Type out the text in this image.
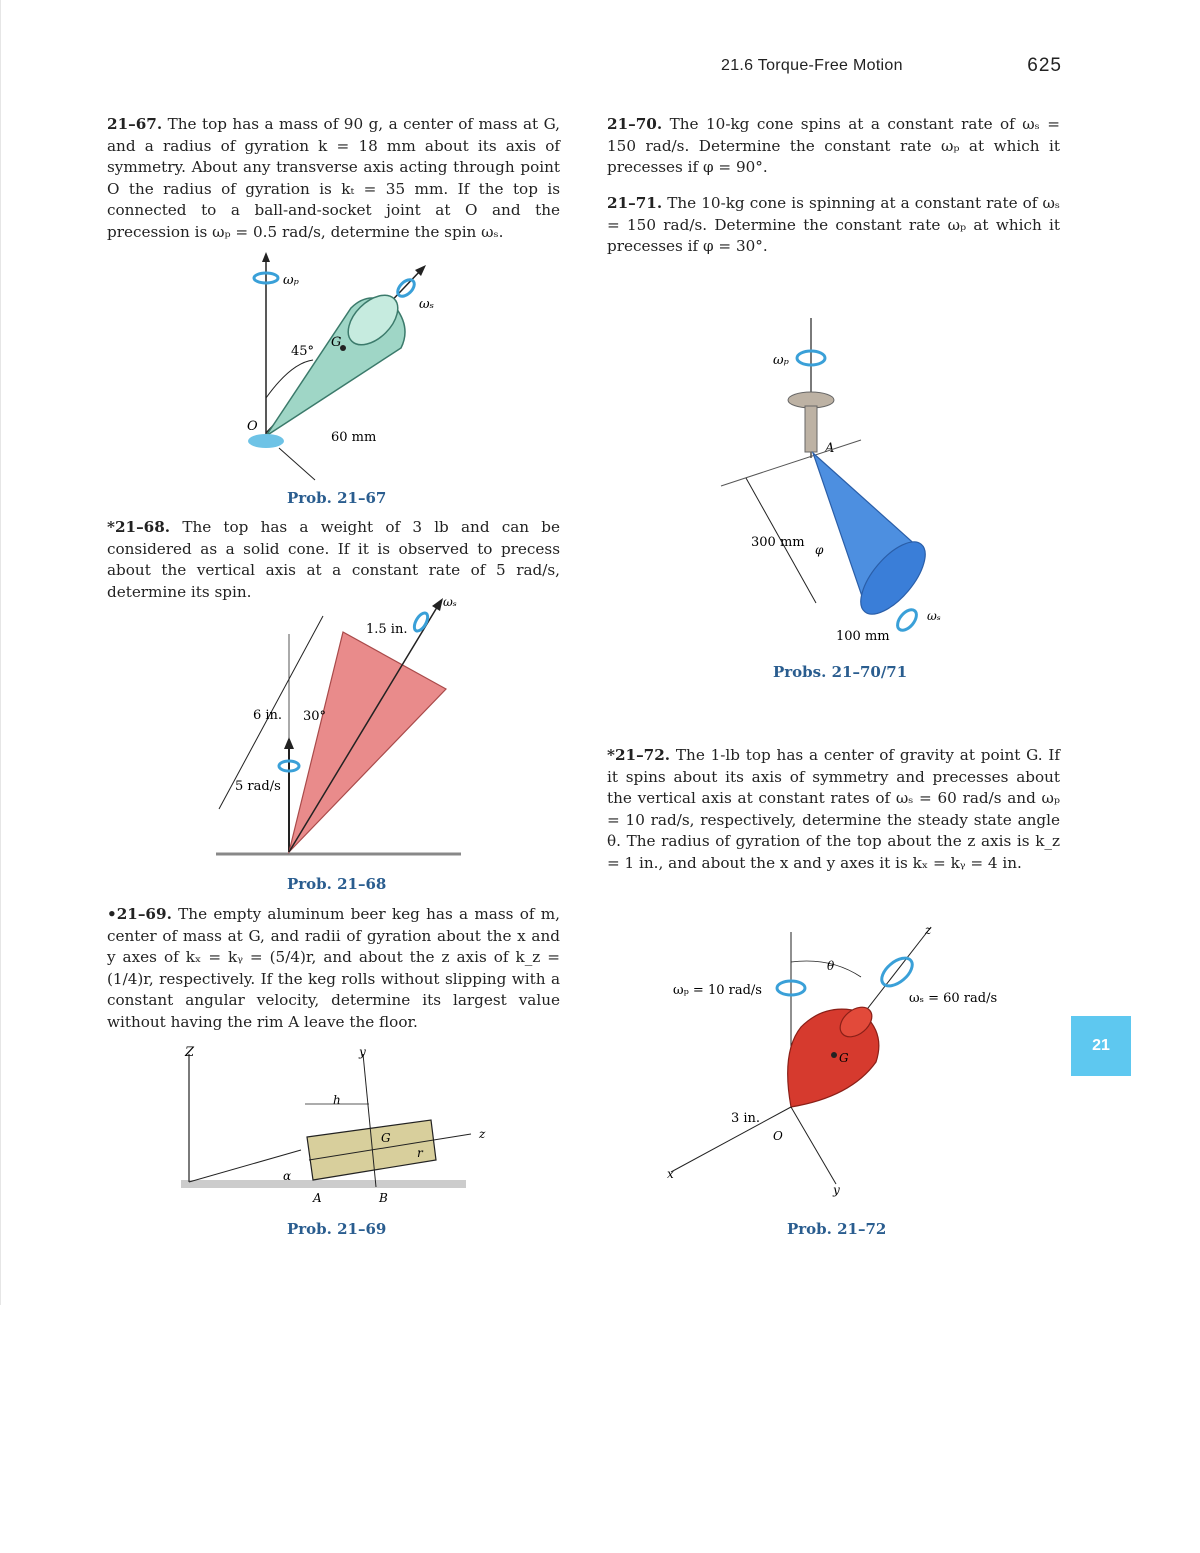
21.6 Torque-Free Motion	625
21–67. The top has a mass of 90 g, a center of mass at G, and a radius of gyration k = 18 mm about its axis of symmetry. About any transverse axis acting through point O the radius of gyration is kₜ = 35 mm. If the top is connected to a ball-and-socket joint at O and the precession is ωₚ = 0.5 rad/s, determine the spin ωₛ.
ωₚ
ωₛ
45°
G
O
60 mm
Prob. 21–67
*21–68. The top has a weight of 3 lb and can be considered as a solid cone. If it is observed to precess about the vertical axis at a constant rate of 5 rad/s, determine its spin.
ωₛ
1.5 in.
6 in. 30°
5 rad/s
Prob. 21–68
•21–69. The empty aluminum beer keg has a mass of m, center of mass at G, and radii of gyration about the x and y axes of kₓ = kᵧ = (5/4)r, and about the z axis of k_z = (1/4)r, respectively. If the keg rolls without slipping with a constant angular velocity, determine its largest value without having the rim A leave the floor.
Z	y
z
h
G
r
α
A	B
Prob. 21–69
21–70. The 10-kg cone spins at a constant rate of ωₛ = 150 rad/s. Determine the constant rate ωₚ at which it precesses if φ = 90°.
21–71. The 10-kg cone is spinning at a constant rate of ωₛ = 150 rad/s. Determine the constant rate ωₚ at which it precesses if φ = 30°.
ωₚ
A
300 mm φ
ωₛ
100 mm
Probs. 21–70/71
*21–72. The 1-lb top has a center of gravity at point G. If it spins about its axis of symmetry and precesses about the vertical axis at constant rates of ωₛ = 60 rad/s and ωₚ = 10 rad/s, respectively, determine the steady state angle θ. The radius of gyration of the top about the z axis is k_z = 1 in., and about the x and y axes it is kₓ = kᵧ = 4 in.
z
θ
ωₚ = 10 rad/s
ωₛ = 60 rad/s
G
x
y
3 in.
O
Prob. 21–72
21
